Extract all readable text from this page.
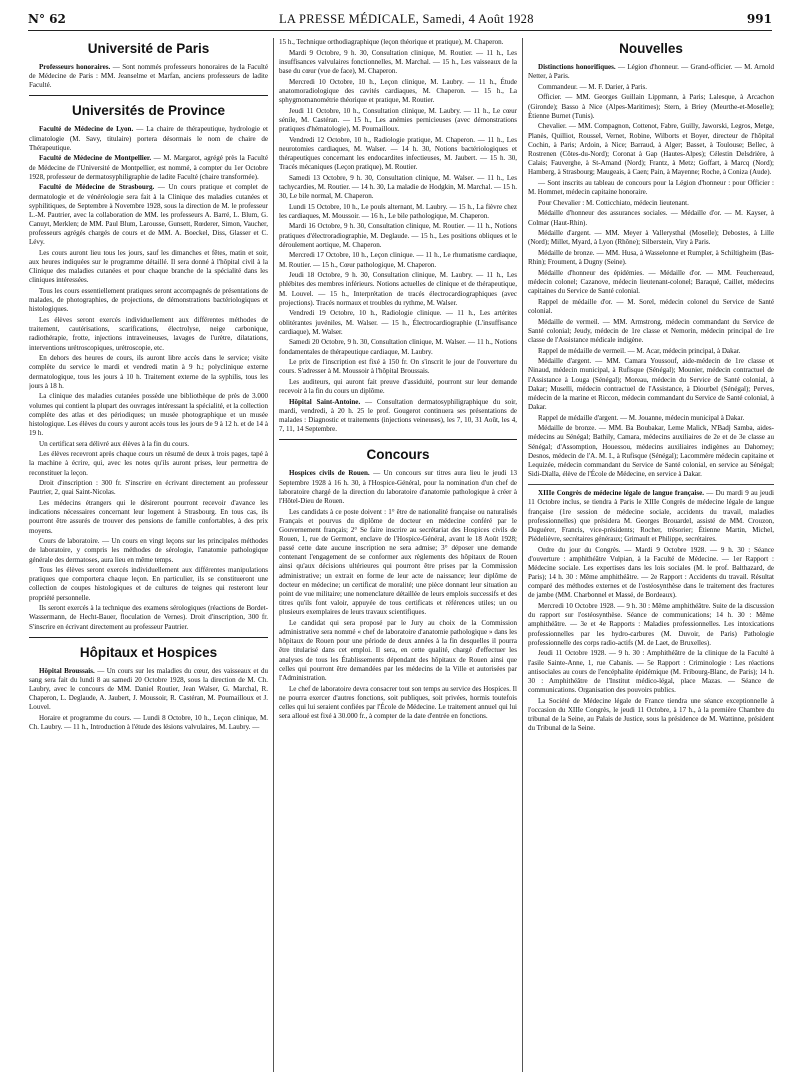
N° 62	LA PRESSE MÉDICALE, Samedi, 4 Août 1928	991
Université de Paris

Professeurs honoraires. — Sont nommés professeurs honoraires de la Faculté de Médecine de Paris : MM. Jeanselme et Marfan, anciens professeurs de ladite Faculté.

Universités de Province

Faculté de Médecine de Lyon. — La chaire de thérapeutique, hydrologie et climatologie (M. Savy, titulaire) portera désormais le nom de chaire de Thérapeutique.

Faculté de Médecine de Montpellier. — M. Margarot, agrégé près la Faculté de Médecine de l'Université de Montpellier, est nommé, à compter du 1er Octobre 1928, professeur de dermatosyphiligraphie de ladite Faculté (chaire transformée).

Faculté de Médecine de Strasbourg. — Un cours pratique et complet de dermatologie et de vénéréologie sera fait à la Clinique des maladies cutanées et syphilitiques, de Septembre à Novembre 1928, sous la direction de M. le professeur L.-M. Pautrier, avec la collaboration de MM. les professeurs A. Barré, L. Blum, G. Canuyt, Merklen; de MM. Paul Blum, Larousse, Gunsett, Rœderer, Simon, Vaucher, professeurs agrégés chargés de cours et de MM. A. Boeckel, Diss, Glasser et C. Lévy.

Les cours auront lieu tous les jours, sauf les dimanches et fêtes, matin et soir, aux heures indiquées sur le programme détaillé. Il sera donné à l'hôpital civil à la Clinique des maladies cutanées et pour chaque branche de la spécialité dans les cliniques intéressées.

Tous les cours essentiellement pratiques seront accompagnés de présentations de malades, de photographies, de projections, de démonstrations bactériologiques et histologiques.

Les élèves seront exercés individuellement aux différentes méthodes de traitement, cautérisations, scarifications, électrolyse, neige carbonique, radiothérapie, frotte, injections intraveineuses, lavages de l'urètre, dilatations, interventions urétroscopiques, urétroscopie, etc.

En dehors des heures de cours, ils auront libre accès dans le service; visite complète du service le mardi et vendredi matin à 9 h.; polyclinique externe dermatologique, tous les jours à 10 h. Traitement externe de la syphilis, tous les jours à 18 h.

La clinique des maladies cutanées possède une bibliothèque de près de 3.000 volumes qui contient la plupart des ouvrages intéressant la spécialité, et la collection complète des atlas et des périodiques; un musée photographique et un musée histologique. Les élèves du cours y auront accès tous les jours de 9 à 12 h. et de 14 à 19 h.

Un certificat sera délivré aux élèves à la fin du cours.

Les élèves recevront après chaque cours un résumé de deux à trois pages, tapé à la machine à écrire, qui, avec les notes qu'ils auront prises, leur permettra de reconstituer la leçon.

Droit d'inscription : 300 fr. S'inscrire en écrivant directement au professeur Pautrier, 2, quai Saint-Nicolas.

Les médecins étrangers qui le désireront pourront recevoir d'avance les indications nécessaires concernant leur logement à Strasbourg. En tous cas, ils pourront être assurés de trouver des pensions de famille confortables, à des prix moyens.

Cours de laboratoire. — Un cours en vingt leçons sur les principales méthodes de laboratoire, y compris les méthodes de sérologie, l'anatomie pathologique générale des dermatoses, aura lieu en même temps.

Tous les élèves seront exercés individuellement aux différentes manipulations pratiques que comportera chaque leçon. En particulier, ils se constitueront une collection de coupes histologiques et de cultures de teignes qui resteront leur propriété personnelle.

Ils seront exercés à la technique des examens sérologiques (réactions de Bordet-Wassermann, de Hecht-Bauer, floculation de Vernes). Droit d'inscription, 300 fr. S'inscrire en écrivant directement au professeur Pautrier.

Hôpitaux et Hospices

Hôpital Broussais. — Un cours sur les maladies du cœur, des vaisseaux et du sang sera fait du lundi 8 au samedi 20 Octobre 1928, sous la direction de M. Ch. Laubry, avec le concours de MM. Daniel Routier, Jean Walser, G. Marchal, R. Chaperon, L. Deglaude, A. Jaubert, J. Moussoir, R. Castéran, M. Poumailloux et J. Louvel.

Horaire et programme du cours. — Lundi 8 Octobre, 10 h., Leçon clinique, M. Ch. Laubry. — 11 h., Introduction à l'étude des lésions valvulaires, M. Laubry. —

15 h., Technique orthodiagraphique (leçon théorique et pratique), M. Chaperon.

Mardi 9 Octobre, 9 h. 30, Consultation clinique, M. Routier. — 11 h., Les insuffisances valvulaires fonctionnelles, M. Marchal. — 15 h., Les vaisseaux de la base du cœur (vue de face), M. Chaperon.

Mercredi 10 Octobre, 10 h., Leçon clinique, M. Laubry. — 11 h., Étude anatomoradiologique des cavités cardiaques, M. Chaperon. — 15 h., La sphygmomanométrie théorique et pratique, M. Routier.

Jeudi 11 Octobre, 10 h., Consultation clinique, M. Laubry. — 11 h., Le cœur sénile, M. Castéran. — 15 h., Les anémies pernicieuses (avec démonstrations pratiques d'hématologie), M. Poumailloux.

Vendredi 12 Octobre, 10 h., Radiologie pratique, M. Chaperon. — 11 h., Les neurotomies cardiaques, M. Walser. — 14 h. 30, Notions bactériologiques et thérapeutiques concernant les endocardites infectieuses, M. Jaubert. — 15 h. 30, Tracés mécaniques (Leçon pratique), M. Routier.

Samedi 13 Octobre, 9 h. 30, Consultation clinique, M. Walser. — 11 h., Les tachycardies, M. Routier. — 14 h. 30, La maladie de Hodgkin, M. Marchal. — 15 h. 30, Le bile normal, M. Chaperon.

Lundi 15 Octobre, 10 h., Le pouls alternant, M. Laubry. — 15 h., La fièvre chez les cardiaques, M. Moussoir. — 16 h., Le bile pathologique, M. Chaperon.

Mardi 16 Octobre, 9 h. 30, Consultation clinique, M. Routier. — 11 h., Notions pratiques d'électroradiographie, M. Deglaude. — 15 h., Les positions obliques et le déroulement aortique, M. Chaperon.

Mercredi 17 Octobre, 10 h., Leçon clinique. — 11 h., Le rhumatisme cardiaque, M. Routier. — 15 h., Cœur pathologique, M. Chaperon.

Jeudi 18 Octobre, 9 h. 30, Consultation clinique, M. Laubry. — 11 h., Les phlébites des membres inférieurs. Notions actuelles de clinique et de thérapeutique, M. Louvel. — 15 h., Interprétation de tracés électrocardiographiques (avec projections). Tracés normaux et troubles du rythme, M. Walser.

Vendredi 19 Octobre, 10 h., Radiologie clinique. — 11 h., Les artérites oblitérantes juvéniles, M. Walser. — 15 h., Électrocardiographie (L'insuffisance cardiaque), M. Walser.

Samedi 20 Octobre, 9 h. 30, Consultation clinique, M. Walser. — 11 h., Notions fondamentales de thérapeutique cardiaque, M. Laubry.

Le prix de l'inscription est fixé à 150 fr. On s'inscrit le jour de l'ouverture du cours. S'adresser à M. Moussoir à l'hôpital Broussais.

Les auditeurs, qui auront fait preuve d'assiduité, pourront sur leur demande recevoir à la fin du cours un diplôme.

Hôpital Saint-Antoine. — Consultation dermatosyphiligraphique du soir, mardi, vendredi, à 20 h. 25 le prof. Gougerot continuera ses présentations de malades : Diagnostic et traitements (injections veineuses), les 7, 10, 31 Août, les 4, 7, 11, 14 Septembre.

Concours

Hospices civils de Rouen. — Un concours sur titres aura lieu le jeudi 13 Septembre 1928 à 16 h. 30, à l'Hospice-Général, pour la nomination d'un chef de laboratoire chargé de la direction du laboratoire d'anatomie pathologique à créer à l'Hôtel-Dieu de Rouen.

Les candidats à ce poste doivent : 1° être de nationalité française ou naturalisés Français et pourvus du diplôme de docteur en médecine conféré par le Gouvernement français; 2° Se faire inscrire au secrétariat des Hospices civils de Rouen, 1, rue de Germont, enclave de l'Hospice-Général, avant le 18 Août 1928; passé cette date aucune inscription ne sera admise; 3° déposer une demande contenant l'engagement de se conformer aux règlements des hôpitaux de Rouen ainsi qu'aux décisions ultérieures qui pourront être prises par la Commission administrative; un extrait en forme de leur acte de naissance; leur diplôme de docteur en médecine; un certificat de moralité; une pièce donnant leur situation au point de vue militaire; une nomenclature détaillée de leurs emplois successifs et des titres qu'ils font valoir, appuyée de tous certificats et références utiles; un ou plusieurs exemplaires de leurs travaux scientifiques.

Le candidat qui sera proposé par le Jury au choix de la Commission administrative sera nommé « chef de laboratoire d'anatomie pathologique » dans les hôpitaux de Rouen pour une période de deux années à la fin desquelles il pourra être titularisé dans cet emploi. Il sera, en cette qualité, chargé d'effectuer les analyses de tous les Établissements dépendant des hôpitaux de Rouen ainsi que celles qui pourront être demandées par les médecins de la Ville et autorisées par l'Administration.

Le chef de laboratoire devra consacrer tout son temps au service des Hospices. Il ne pourra exercer d'autres fonctions, soit publiques, soit privées, hormis toutefois celles qui lui seraient confiées par l'École de Médecine. Le traitement annuel qui lui sera alloué est fixé à 30.000 fr., à compter de la date d'entrée en fonctions.

Nouvelles

Distinctions honorifiques. — Légion d'honneur. — Grand-officier. — M. Arnold Netter, à Paris.

Commandeur. — M. F. Darier, à Paris.

Officier. — MM. Georges Guillain Lippmann, à Paris; Lalesque, à Arcachon (Gironde); Basso à Nice (Alpes-Maritimes); Stern, à Briey (Meurthe-et-Moselle); Étienne Burnet (Tunis).

Chevalier. — MM. Compagnon, Cottenot, Fabre, Guilly, Jaworski, Legros, Metge, Planès, Quilliot, Roussel, Vernet, Robine, Wilborts et Boyer, directeur de l'hôpital Cochin, à Paris; Ardoin, à Nice; Barraud, à Alger; Basset, à Toulouse; Bellec, à Rostrenen (Côtes-du-Nord); Coronat à Gap (Hautes-Alpes); Célestin Delsdrière, à Calais; Fauverghe, à St-Amand (Nord); Frantz, à Metz; Goffart, à Marcq (Nord); Hamberg, à Strasbourg; Maugeais, à Caen; Pain, à Mayenne; Roche, à Coniza (Aude).

— Sont inscrits au tableau de concours pour la Légion d'honneur : pour Officier : M. Hommet, médecin capitaine honoraire.

Pour Chevalier : M. Cotticchiato, médecin lieutenant.

Médaille d'honneur des assurances sociales. — Médaille d'or. — M. Kayser, à Colmar (Haut-Rhin).

Médaille d'argent. — MM. Meyer à Vallerysthal (Moselle); Debostes, à Lille (Nord); Millet, Myard, à Lyon (Rhône); Silberstein, Viry à Paris.

Médaille de bronze. — MM. Husa, à Wasselonne et Rumpler, à Schiltigheim (Bas-Rhin); Froument, à Dugny (Seine).

Médaille d'honneur des épidémies. — Médaille d'or. — MM. Feuchereaud, médecin colonel; Cazanove, médecin lieutenant-colonel; Baraqué, Caillet, médecins capitaines du Service de Santé colonial.

Rappel de médaille d'or. — M. Sorel, médecin colonel du Service de Santé colonial.

Médaille de vermeil. — MM. Armstrong, médecin commandant du Service de Santé colonial; Jeudy, médecin de 1re classe et Nemorin, médecin principal de 1re classe de l'Assistance médicale indigène.

Rappel de médaille de vermeil. — M. Acar, médecin principal, à Dakar.

Médaille d'argent. — MM. Camara Youssouf, aide-médecin de 1re classe et Ninaud, médecin municipal, à Rufisque (Sénégal); Mounier, médecin contractuel de l'Assistance à Louga (Sénégal); Moreau, médecin du Service de Santé colonial, à Dakar; Muselli, médecin contractuel de l'Assistance, à Diourbel (Sénégal); Perves, médecin de la marine et Riccon, médecin commandant du Service de Santé colonial, à Dakar.

Rappel de médaille d'argent. — M. Jouanne, médecin municipal à Dakar.

Médaille de bronze. — MM. Ba Boubakar, Leme Malick, N'Badj Samba, aides-médecins au Sénégal; Bathily, Camara, médecins auxiliaires de 2e et de 3e classe au Sénégal; d'Assomption, Houessou, médecins auxiliaires indigènes au Dahomey; Desnos, médecin de l'A. M. I., à Rufisque (Sénégal); Lacommère médecin capitaine et Lequizée, médecin commandant du Service de Santé colonial, en service au Sénégal; Sidi-Dialla, élève de l'École de Médecine, en service à Dakar.

XIIIe Congrès de médecine légale de langue française. — Du mardi 9 au jeudi 11 Octobre inclus, se tiendra à Paris le XIIIe Congrès de médecine légale de langue française (1re session de médecine sociale, accidents du travail, maladies professionnelles) que présidera M. Georges Brouardel, assisté de MM. Crouzon, Duguérer, Francis, vice-présidents; Rocher, trésorier; Étienne Martin, Michel, Piédelièvre, secrétaires généraux; Grimault et Philippe, secrétaires.

Ordre du jour du Congrès. — Mardi 9 Octobre 1928. — 9 h. 30 : Séance d'ouverture : amphithéâtre Vulpian, à la Faculté de Médecine. — 1er Rapport : Médecine sociale. Les expertises dans les lois sociales (M. le prof. Balthazard, de Paris); 14 h. 30 : Même amphithéâtre. — 2e Rapport : Accidents du travail. Résultat comparé des méthodes externes et de l'ostéosynthèse dans le traitement des fractures de jambe (MM. Charbonnel et Massé, de Bordeaux).

Mercredi 10 Octobre 1928. — 9 h. 30 : Même amphithéâtre. Suite de la discussion du rapport sur l'ostéosynthèse. Séance de communications; 14 h. 30 : Même amphithéâtre. — 3e et 4e Rapports : Maladies professionnelles. Les intoxications professionnelles par les hydro-carbures (M. Duvoir, de Paris) Pathologie professionnelle des corps radio-actifs (M. de Laet, de Bruxelles).

Jeudi 11 Octobre 1928. — 9 h. 30 : Amphithéâtre de la clinique de la Faculté à l'asile Sainte-Anne, 1, rue Cabanis. — 5e Rapport : Criminologie : Les réactions antisociales au cours de l'encéphalite épidémique (M. Fribourg-Blanc, de Paris); 14 h. 30 : Amphithéâtre de l'Institut médico-légal, place Mazas. — Séance de communications. Organisation des pouvoirs publics.

La Société de Médecine légale de France tiendra une séance exceptionnelle à l'occasion du XIIIe Congrès, le jeudi 11 Octobre, à 17 h., à la première Chambre du tribunal de la Seine, au Palais de Justice, sous la présidence de M. Wattinne, président du Tribunal de la Seine.
